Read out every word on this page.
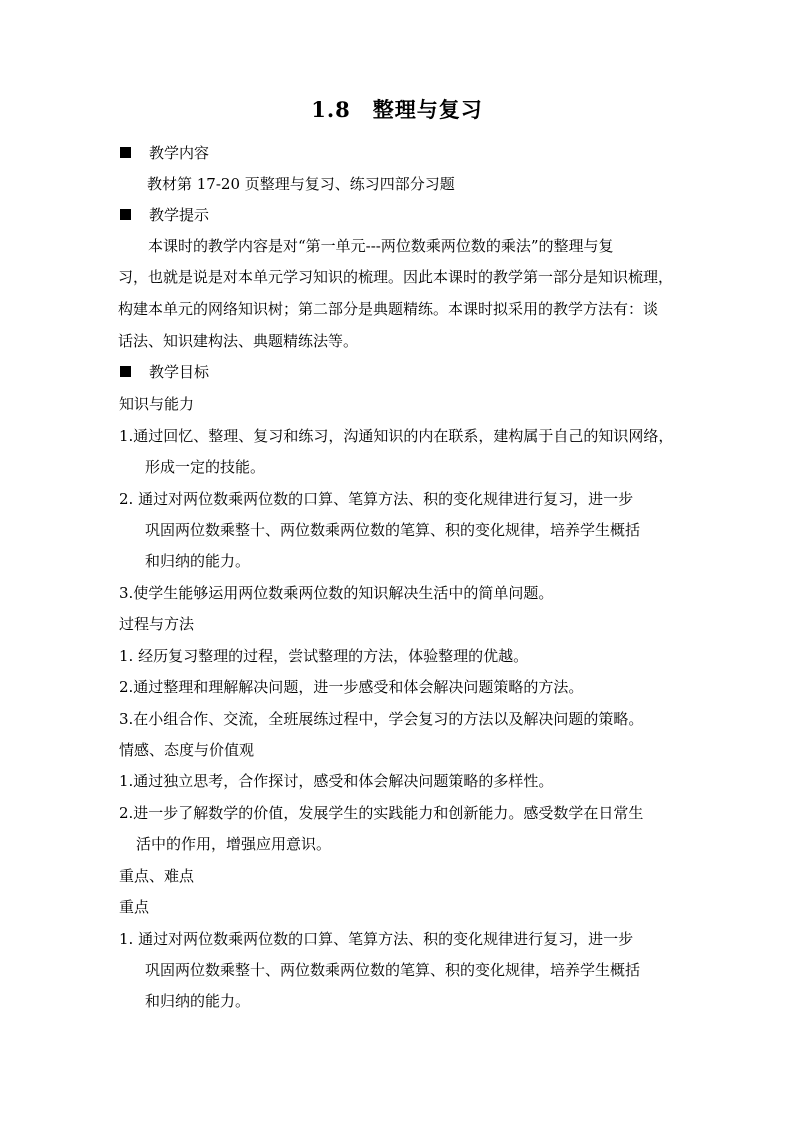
1.8　整理与复习
教学内容
教材第 17-20 页整理与复习、练习四部分习题
教学提示
本课时的教学内容是对“第一单元---两位数乘两位数的乘法”的整理与复
习，也就是说是对本单元学习知识的梳理。因此本课时的教学第一部分是知识梳理，
构建本单元的网络知识树；第二部分是典题精练。本课时拟采用的教学方法有：谈
话法、知识建构法、典题精练法等。
教学目标
知识与能力
1.通过回忆、整理、复习和练习，沟通知识的内在联系，建构属于自己的知识网络，
形成一定的技能。
2. 通过对两位数乘两位数的口算、笔算方法、积的变化规律进行复习，进一步
巩固两位数乘整十、两位数乘两位数的笔算、积的变化规律，培养学生概括
和归纳的能力。
3.使学生能够运用两位数乘两位数的知识解决生活中的简单问题。
过程与方法
1. 经历复习整理的过程，尝试整理的方法，体验整理的优越。
2.通过整理和理解解决问题，进一步感受和体会解决问题策略的方法。
3.在小组合作、交流，全班展练过程中，学会复习的方法以及解决问题的策略。
情感、态度与价值观
1.通过独立思考，合作探讨，感受和体会解决问题策略的多样性。
2.进一步了解数学的价值，发展学生的实践能力和创新能力。感受数学在日常生
活中的作用，增强应用意识。
重点、难点
重点
1. 通过对两位数乘两位数的口算、笔算方法、积的变化规律进行复习，进一步
巩固两位数乘整十、两位数乘两位数的笔算、积的变化规律，培养学生概括
和归纳的能力。
